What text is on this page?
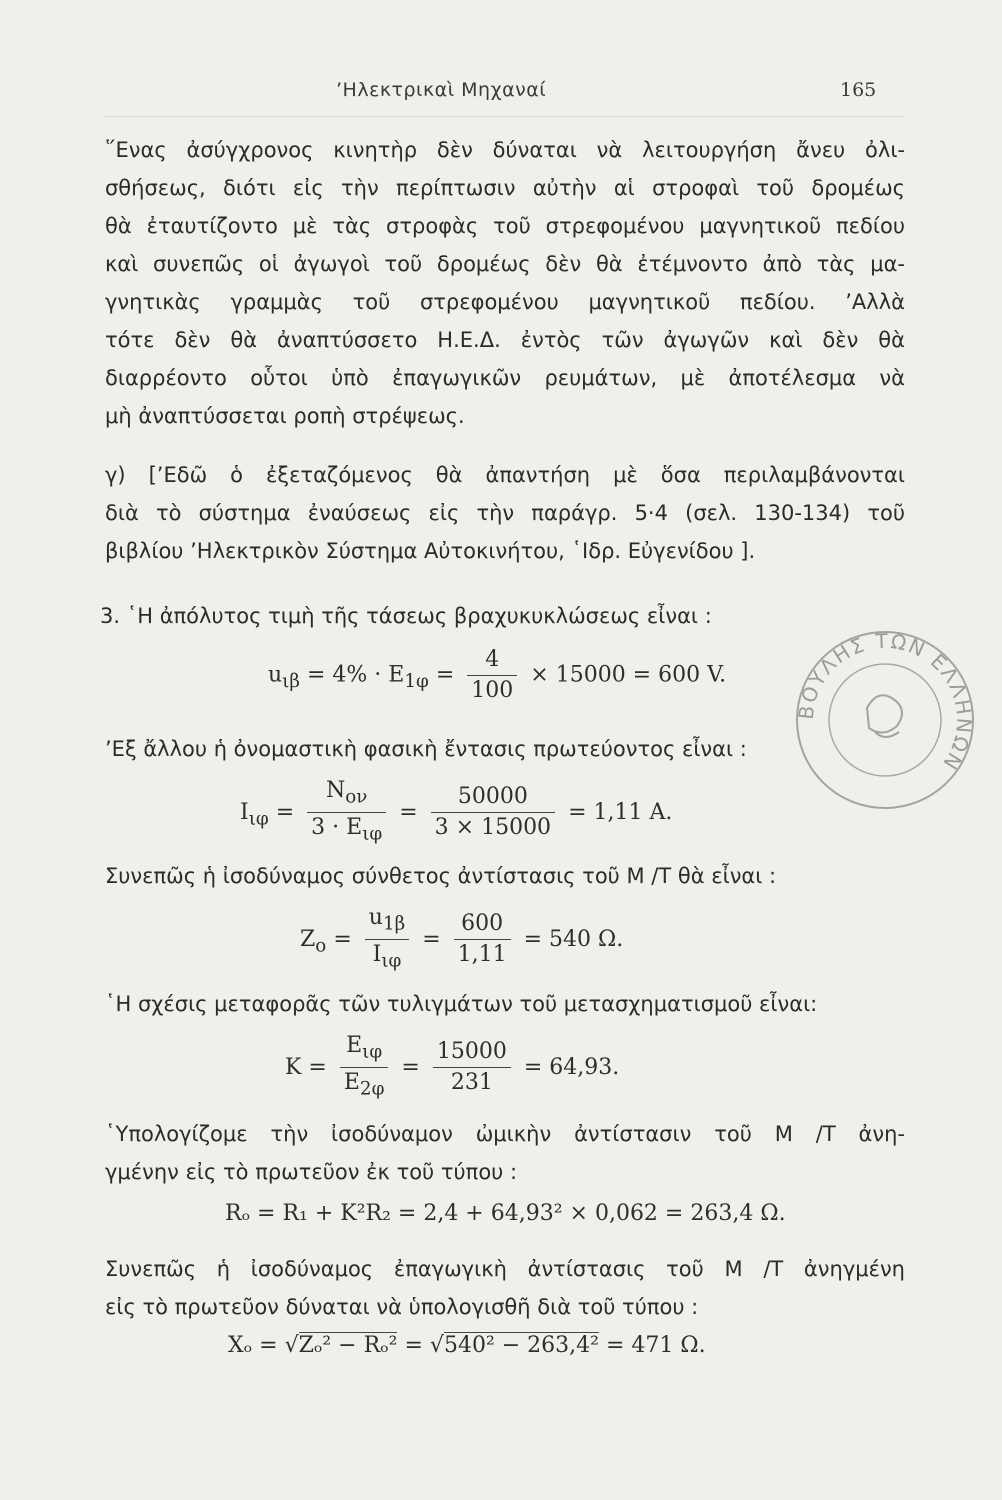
’Ηλεκτρικαὶ Μηχαναί	165

῞Ενας ἀσύγχρονος κινητὴρ δὲν δύναται νὰ λειτουργήση ἄνευ ὀλι-
σθήσεως, διότι εἰς τὴν περίπτωσιν αὐτὴν αἱ στροφαὶ τοῦ δρομέως
θὰ ἐταυτίζοντο μὲ τὰς στροφὰς τοῦ στρεφομένου μαγνητικοῦ πεδίου
καὶ συνεπῶς οἱ ἀγωγοὶ τοῦ δρομέως δὲν θὰ ἐτέμνοντο ἀπὸ τὰς μα-
γνητικὰς γραμμὰς τοῦ στρεφομένου μαγνητικοῦ πεδίου. ’Αλλὰ
τότε δὲν θὰ ἀναπτύσσετο Η.Ε.Δ. ἐντὸς τῶν ἀγωγῶν καὶ δὲν θὰ
διαρρέοντο οὗτοι ὑπὸ ἐπαγωγικῶν ρευμάτων, μὲ ἀποτέλεσμα νὰ
μὴ ἀναπτύσσεται ροπὴ στρέψεως.

γ) [’Εδῶ ὁ ἐξεταζόμενος θὰ ἀπαντήση μὲ ὅσα περιλαμβάνονται
διὰ τὸ σύστημα ἐναύσεως εἰς τὴν παράγρ. 5·4 (σελ. 130-134) τοῦ
βιβλίου ’Ηλεκτρικὸν Σύστημα Αὐτοκινήτου, ῾Ιδρ. Εὐγενίδου ].

3. ῾Η ἀπόλυτος τιμὴ τῆς τάσεως βραχυκυκλώσεως εἶναι :

$u_{\iota\beta} = 4\% \cdot E_{1\varphi} = \frac{4}{100} \times 15000 = 600$ V.

’Εξ ἄλλου ἡ ὀνομαστικὴ φασικὴ ἔντασις πρωτεύοντος εἶναι :

$I_{\iota\varphi} = \frac{N_{o\nu}}{3 \cdot E_{\iota\varphi}} = \frac{50000}{3 \times 15000} = 1,11$ A.

Συνεπῶς ἡ ἰσοδύναμος σύνθετος ἀντίστασις τοῦ Μ /Τ θὰ εἶναι :

$Z_o = \frac{u_{1\beta}}{I_{\iota\varphi}} = \frac{600}{1,11} = 540$ Ω.

῾Η σχέσις μεταφορᾶς τῶν τυλιγμάτων τοῦ μετασχηματισμοῦ εἶναι:

$K = \frac{E_{\iota\varphi}}{E_{2\varphi}} = \frac{15000}{231} = 64,93$.

῾Υπολογίζομε τὴν ἰσοδύναμον ὠμικὴν ἀντίστασιν τοῦ Μ /Τ ἀνη-
γμένην εἰς τὸ πρωτεῦον ἐκ τοῦ τύπου :

Rₒ = R₁ + K²R₂ = 2,4 + 64,93² × 0,062 = 263,4 Ω.

Συνεπῶς ἡ ἰσοδύναμος ἐπαγωγικὴ ἀντίστασις τοῦ Μ /Τ ἀνηγμένη
εἰς τὸ πρωτεῦον δύναται νὰ ὑπολογισθῆ διὰ τοῦ τύπου :

Xₒ = √Zₒ² − Rₒ² = √540² − 263,4² = 471 Ω.
ΒΟΥΛΗΣ ΤΩΝ ΕΛΛΗΝΩΝ
